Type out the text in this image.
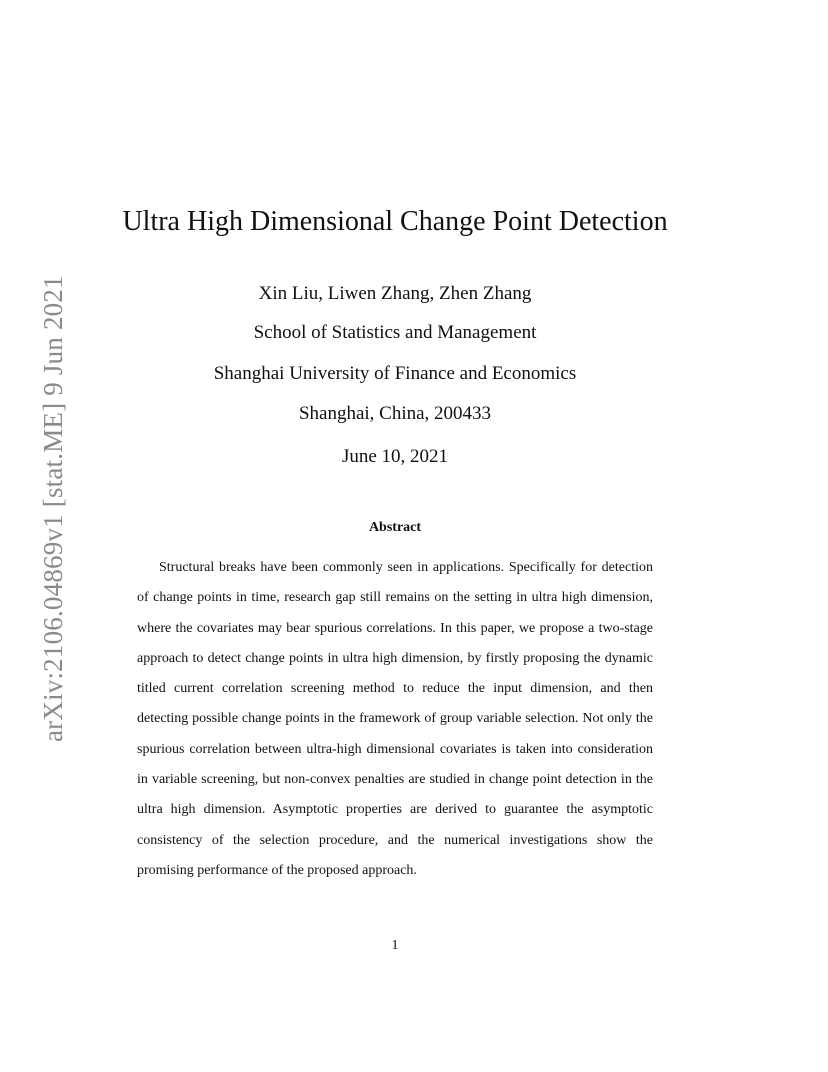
arXiv:2106.04869v1 [stat.ME] 9 Jun 2021
Ultra High Dimensional Change Point Detection
Xin Liu, Liwen Zhang, Zhen Zhang
School of Statistics and Management
Shanghai University of Finance and Economics
Shanghai, China, 200433
June 10, 2021
Abstract

Structural breaks have been commonly seen in applications. Specifically for detection of change points in time, research gap still remains on the setting in ultra high dimension, where the covariates may bear spurious correlations. In this paper, we propose a two-stage approach to detect change points in ultra high dimension, by firstly proposing the dynamic titled current correlation screening method to reduce the input dimension, and then detecting possible change points in the framework of group variable selection. Not only the spurious correlation between ultra-high dimensional covariates is taken into consideration in variable screening, but non-convex penalties are studied in change point detection in the ultra high dimension. Asymptotic properties are derived to guarantee the asymptotic consistency of the selection procedure, and the numerical investigations show the promising performance of the proposed approach.

1
